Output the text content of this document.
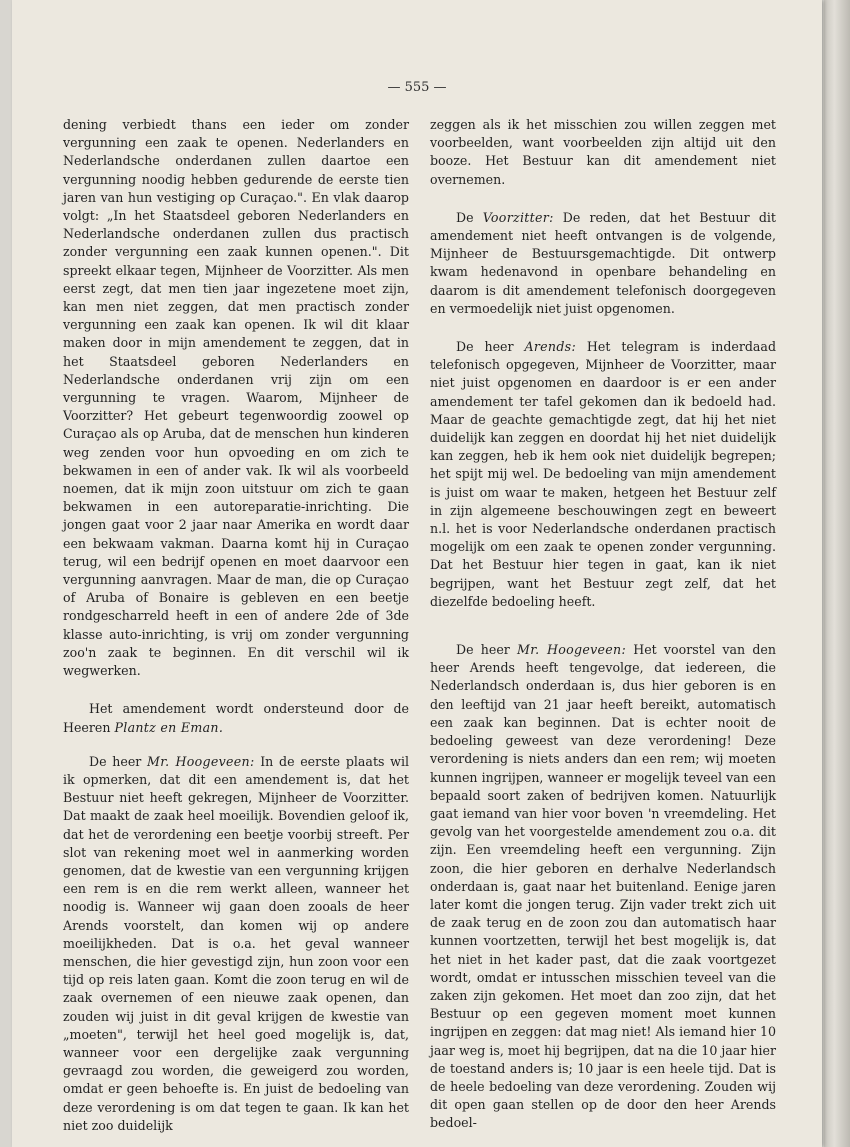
— 555 —

dening verbiedt thans een ieder om zonder vergunning een zaak te openen. Nederlanders en Nederlandsche onderdanen zullen daartoe een vergunning noodig hebben gedurende de eerste tien jaren van hun vestiging op Curaçao.". En vlak daarop volgt: „In het Staatsdeel geboren Nederlanders en Nederlandsche onderdanen zullen dus practisch zonder vergunning een zaak kunnen openen.". Dit spreekt elkaar tegen, Mijnheer de Voorzitter. Als men eerst zegt, dat men tien jaar ingezetene moet zijn, kan men niet zeggen, dat men practisch zonder vergunning een zaak kan openen. Ik wil dit klaar maken door in mijn amendement te zeggen, dat in het Staatsdeel geboren Nederlanders en Nederlandsche onderdanen vrij zijn om een vergunning te vragen. Waarom, Mijnheer de Voorzitter? Het gebeurt tegenwoordig zoowel op Curaçao als op Aruba, dat de menschen hun kinderen weg zenden voor hun opvoeding en om zich te bekwamen in een of ander vak. Ik wil als voorbeeld noemen, dat ik mijn zoon uitstuur om zich te gaan bekwamen in een autoreparatie-inrichting. Die jongen gaat voor 2 jaar naar Amerika en wordt daar een bekwaam vakman. Daarna komt hij in Curaçao terug, wil een bedrijf openen en moet daarvoor een vergunning aanvragen. Maar de man, die op Curaçao of Aruba of Bonaire is gebleven en een beetje rondgescharreld heeft in een of andere 2de of 3de klasse auto-inrichting, is vrij om zonder vergunning zoo'n zaak te beginnen. En dit verschil wil ik wegwerken.

Het amendement wordt ondersteund door de Heeren Plantz en Eman.

De heer Mr. Hoogeveen: In de eerste plaats wil ik opmerken, dat dit een amendement is, dat het Bestuur niet heeft gekregen, Mijnheer de Voorzitter. Dat maakt de zaak heel moeilijk. Bovendien geloof ik, dat het de verordening een beetje voorbij streeft. Per slot van rekening moet wel in aanmerking worden genomen, dat de kwestie van een vergunning krijgen een rem is en die rem werkt alleen, wanneer het noodig is. Wanneer wij gaan doen zooals de heer Arends voorstelt, dan komen wij op andere moeilijkheden. Dat is o.a. het geval wanneer menschen, die hier gevestigd zijn, hun zoon voor een tijd op reis laten gaan. Komt die zoon terug en wil de zaak overnemen of een nieuwe zaak openen, dan zouden wij juist in dit geval krijgen de kwestie van „moeten", terwijl het heel goed mogelijk is, dat, wanneer voor een dergelijke zaak vergunning gevraagd zou worden, die geweigerd zou worden, omdat er geen behoefte is. En juist de bedoeling van deze verordening is om dat tegen te gaan. Ik kan het niet zoo duidelijk

zeggen als ik het misschien zou willen zeggen met voorbeelden, want voorbeelden zijn altijd uit den booze. Het Bestuur kan dit amendement niet overnemen.

De Voorzitter: De reden, dat het Bestuur dit amendement niet heeft ontvangen is de volgende, Mijnheer de Bestuursgemachtigde. Dit ontwerp kwam hedenavond in openbare behandeling en daarom is dit amendement telefonisch doorgegeven en vermoedelijk niet juist opgenomen.

De heer Arends: Het telegram is inderdaad telefonisch opgegeven, Mijnheer de Voorzitter, maar niet juist opgenomen en daardoor is er een ander amendement ter tafel gekomen dan ik bedoeld had. Maar de geachte gemachtigde zegt, dat hij het niet duidelijk kan zeggen en doordat hij het niet duidelijk kan zeggen, heb ik hem ook niet duidelijk begrepen; het spijt mij wel. De bedoeling van mijn amendement is juist om waar te maken, hetgeen het Bestuur zelf in zijn algemeene beschouwingen zegt en beweert n.l. het is voor Nederlandsche onderdanen practisch mogelijk om een zaak te openen zonder vergunning. Dat het Bestuur hier tegen in gaat, kan ik niet begrijpen, want het Bestuur zegt zelf, dat het diezelfde bedoeling heeft.

De heer Mr. Hoogeveen: Het voorstel van den heer Arends heeft tengevolge, dat iedereen, die Nederlandsch onderdaan is, dus hier geboren is en den leeftijd van 21 jaar heeft bereikt, automatisch een zaak kan beginnen. Dat is echter nooit de bedoeling geweest van deze verordening! Deze verordening is niets anders dan een rem; wij moeten kunnen ingrijpen, wanneer er mogelijk teveel van een bepaald soort zaken of bedrijven komen. Natuurlijk gaat iemand van hier voor boven 'n vreemdeling. Het gevolg van het voorgestelde amendement zou o.a. dit zijn. Een vreemdeling heeft een vergunning. Zijn zoon, die hier geboren en derhalve Nederlandsch onderdaan is, gaat naar het buitenland. Eenige jaren later komt die jongen terug. Zijn vader trekt zich uit de zaak terug en de zoon zou dan automatisch haar kunnen voortzetten, terwijl het best mogelijk is, dat het niet in het kader past, dat die zaak voortgezet wordt, omdat er intusschen misschien teveel van die zaken zijn gekomen. Het moet dan zoo zijn, dat het Bestuur op een gegeven moment moet kunnen ingrijpen en zeggen: dat mag niet! Als iemand hier 10 jaar weg is, moet hij begrijpen, dat na die 10 jaar hier de toestand anders is; 10 jaar is een heele tijd. Dat is de heele bedoeling van deze verordening. Zouden wij dit open gaan stellen op de door den heer Arends bedoel-
